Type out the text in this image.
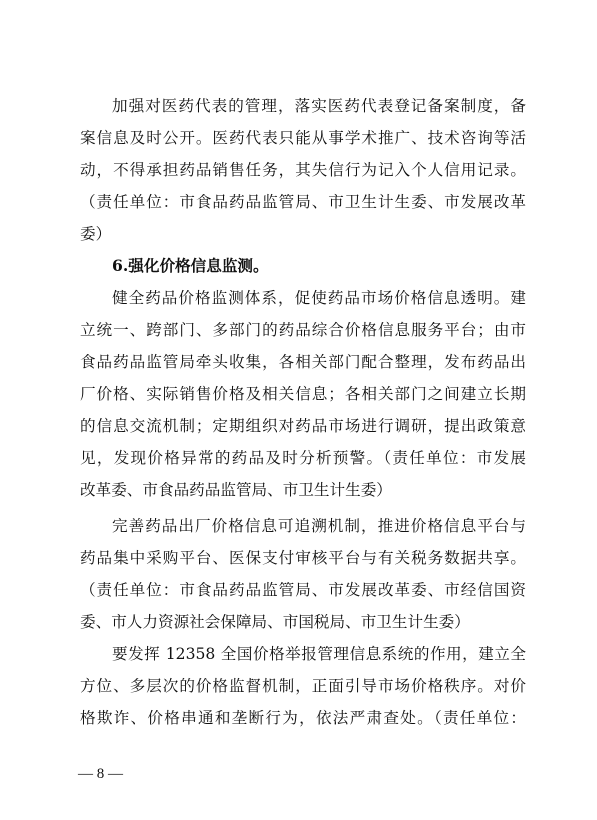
加强对医药代表的管理，落实医药代表登记备案制度，备
案信息及时公开。医药代表只能从事学术推广、技术咨询等活
动，不得承担药品销售任务，其失信行为记入个人信用记录。
（责任单位：市食品药品监管局、市卫生计生委、市发展改革
委）
6.强化价格信息监测。
健全药品价格监测体系，促使药品市场价格信息透明。建
立统一、跨部门、多部门的药品综合价格信息服务平台；由市
食品药品监管局牵头收集，各相关部门配合整理，发布药品出
厂价格、实际销售价格及相关信息；各相关部门之间建立长期
的信息交流机制；定期组织对药品市场进行调研，提出政策意
见，发现价格异常的药品及时分析预警。（责任单位：市发展
改革委、市食品药品监管局、市卫生计生委）
完善药品出厂价格信息可追溯机制，推进价格信息平台与
药品集中采购平台、医保支付审核平台与有关税务数据共享。
（责任单位：市食品药品监管局、市发展改革委、市经信国资
委、市人力资源社会保障局、市国税局、市卫生计生委）
要发挥 12358 全国价格举报管理信息系统的作用，建立全
方位、多层次的价格监督机制，正面引导市场价格秩序。对价
格欺诈、价格串通和垄断行为，依法严肃查处。（责任单位：
— 8 —
